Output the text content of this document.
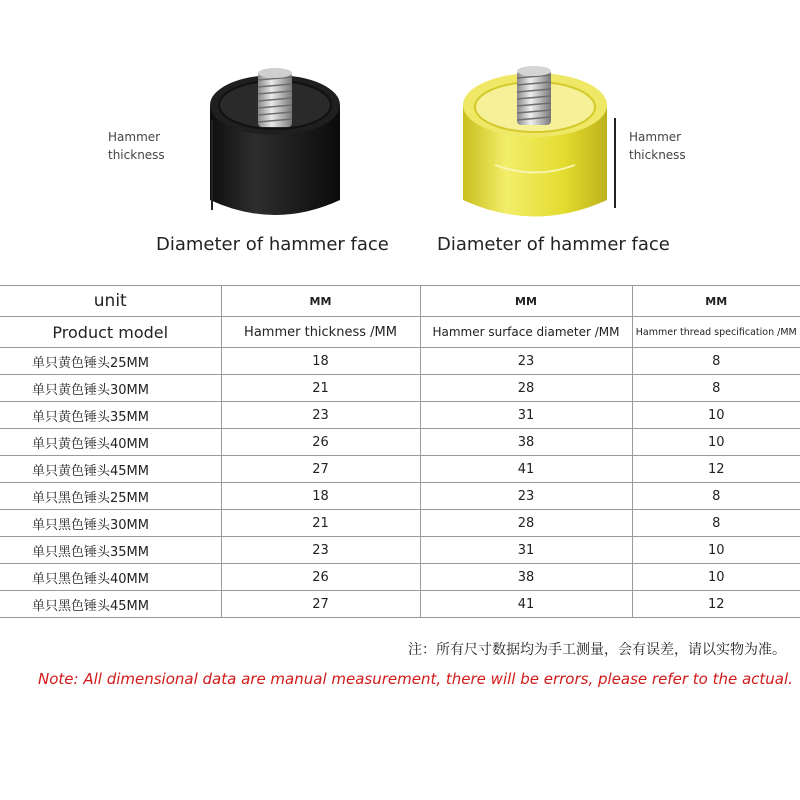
Hammer
thickness
Hammer
thickness
Diameter of hammer face	Diameter of hammer face
unit	MM	MM	MM
Product model	Hammer thickness /MM	Hammer surface diameter /MM	Hammer thread specification /MM
单只黄色锤头25MM	18	23	8
单只黄色锤头30MM	21	28	8
单只黄色锤头35MM	23	31	10
单只黄色锤头40MM	26	38	10
单只黄色锤头45MM	27	41	12
单只黑色锤头25MM	18	23	8
单只黑色锤头30MM	21	28	8
单只黑色锤头35MM	23	31	10
单只黑色锤头40MM	26	38	10
单只黑色锤头45MM	27	41	12
注：所有尺寸数据均为手工测量，会有误差，请以实物为准。
Note: All dimensional data are manual measurement, there will be errors, please refer to the actual.
